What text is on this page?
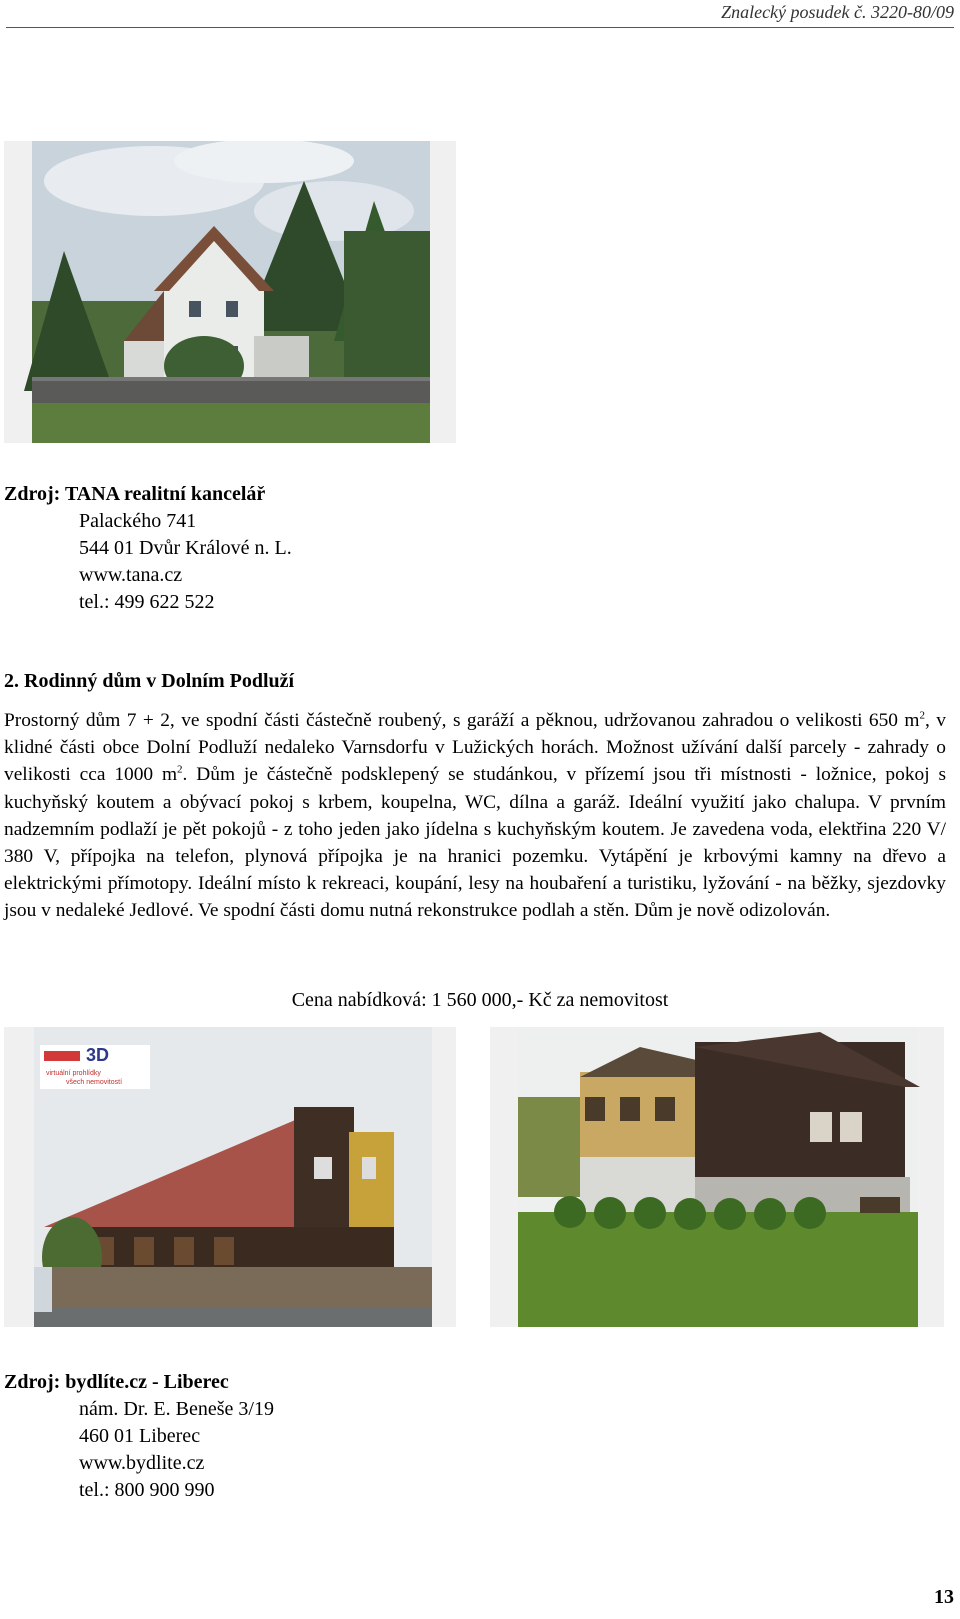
Znalecký posudek č. 3220-80/09
Zdroj: TANA realitní kancelář
Palackého 741
544 01 Dvůr Králové n. L.
www.tana.cz
tel.: 499 622 522
2. Rodinný dům v Dolním Podluží

Prostorný dům 7 + 2, ve spodní části částečně roubený, s garáží a pěknou, udržovanou zahradou o velikosti 650 $m^2$, v klidné části obce Dolní Podluží nedaleko Varnsdorfu v Lužických horách. Možnost užívání další parcely - zahrady o velikosti cca 1000 $m^2$. Dům je částečně podsklepený se studánkou, v přízemí jsou tři místnosti - ložnice, pokoj s kuchyňský koutem a obývací pokoj s krbem, koupelna, WC, dílna a garáž. Ideální využití jako chalupa. V prvním nadzemním podlaží je pět pokojů - z toho jeden jako jídelna s kuchyňským koutem. Je zavedena voda, elektřina 220 V/ 380 V, přípojka na telefon, plynová přípojka je na hranici pozemku. Vytápění je krbovými kamny na dřevo a elektrickými přímotopy. Ideální místo k rekreaci, koupání, lesy na houbaření a turistiku, lyžování - na běžky, sjezdovky jsou v nedaleké Jedlové. Ve spodní části domu nutná rekonstrukce podlah a stěn. Dům je nově odizolován.

Cena nabídková: 1 560 000,- Kč za nemovitost
3D
virtuální prohlídky
všech nemovitostí
Zdroj: bydlíte.cz - Liberec
nám. Dr. E. Beneše 3/19
460 01 Liberec
www.bydlite.cz
tel.: 800 900 990
13
